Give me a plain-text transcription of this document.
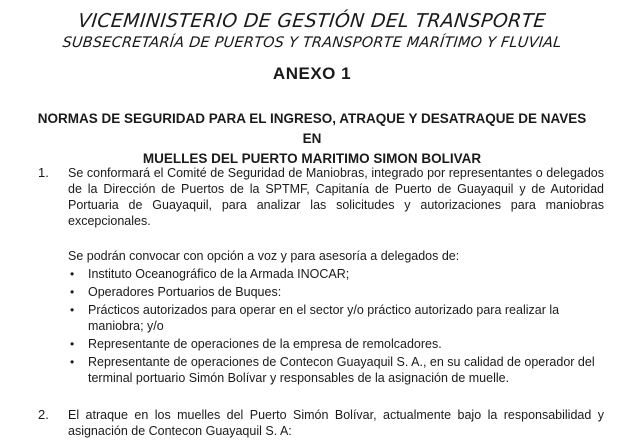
VICEMINISTERIO DE GESTIÓN DEL TRANSPORTE
SUBSECRETARÍA DE PUERTOS Y TRANSPORTE MARÍTIMO Y FLUVIAL
ANEXO 1
NORMAS DE SEGURIDAD PARA EL INGRESO, ATRAQUE Y DESATRAQUE DE NAVES EN
MUELLES DEL PUERTO MARITIMO SIMON BOLIVAR
1. Se conformará el Comité de Seguridad de Maniobras, integrado por representantes o delegados de la Dirección de Puertos de la SPTMF, Capitanía de Puerto de Guayaquil y de Autoridad Portuaria de Guayaquil, para analizar las solicitudes y autorizaciones para maniobras excepcionales.
Se podrán convocar con opción a voz y para asesoría a delegados de:
• Instituto Oceanográfico de la Armada INOCAR;
• Operadores Portuarios de Buques:
• Prácticos autorizados para operar en el sector y/o práctico autorizado para realizar la maniobra; y/o
• Representante de operaciones de la empresa de remolcadores.
• Representante de operaciones de Contecon Guayaquil S. A., en su calidad de operador del terminal portuario Simón Bolívar y responsables de la asignación de muelle.
2. El atraque en los muelles del Puerto Simón Bolívar, actualmente bajo la responsabilidad y asignación de Contecon Guayaquil S. A:
